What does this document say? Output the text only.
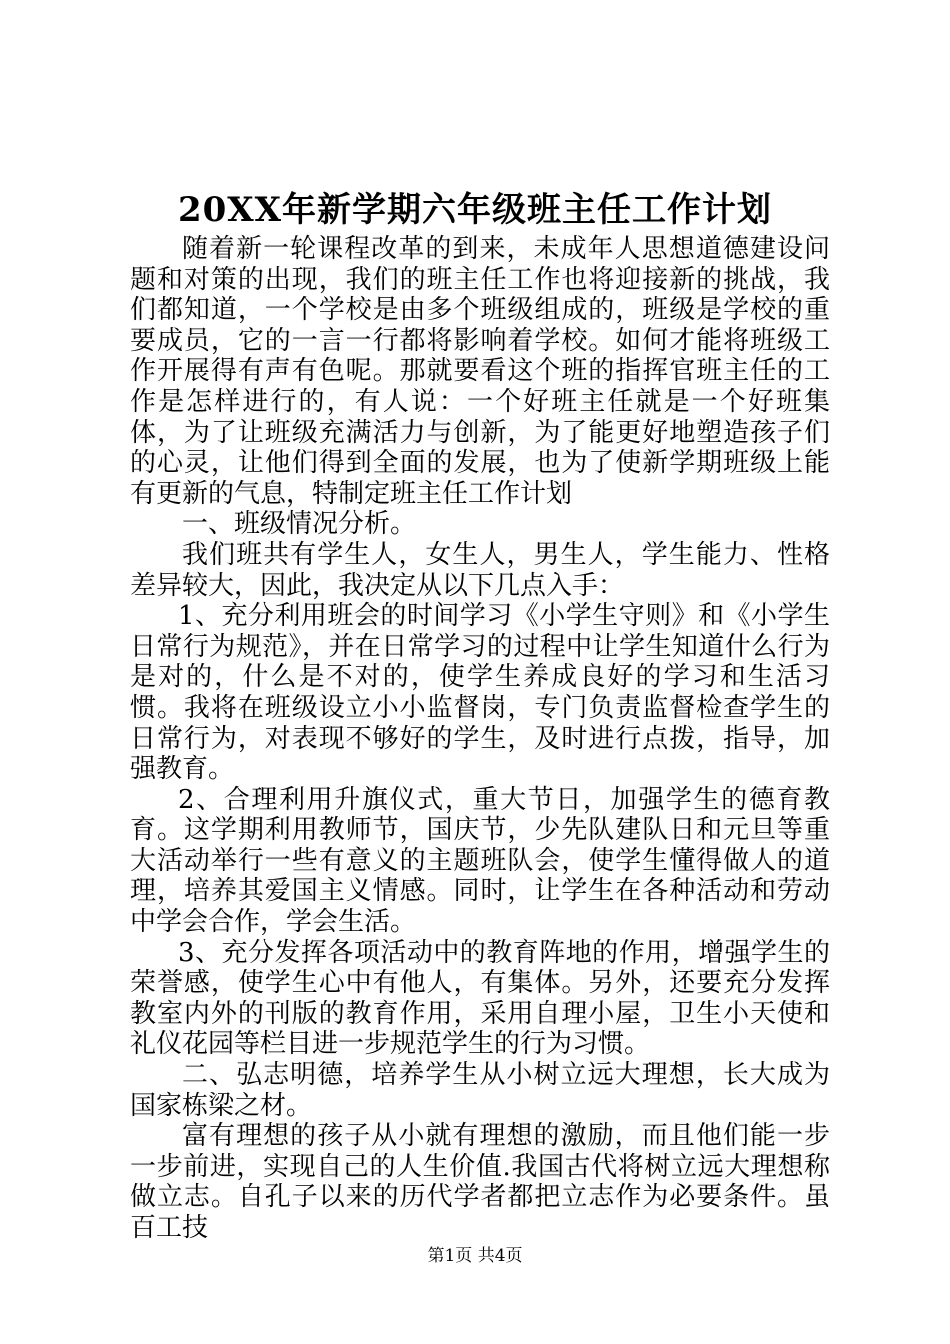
20XX年新学期六年级班主任工作计划

随着新一轮课程改革的到来，未成年人思想道德建设问题和对策的出现，我们的班主任工作也将迎接新的挑战，我们都知道，一个学校是由多个班级组成的，班级是学校的重要成员，它的一言一行都将影响着学校。如何才能将班级工作开展得有声有色呢。那就要看这个班的指挥官班主任的工作是怎样进行的，有人说：一个好班主任就是一个好班集体，为了让班级充满活力与创新，为了能更好地塑造孩子们的心灵，让他们得到全面的发展，也为了使新学期班级上能有更新的气息，特制定班主任工作计划

一、班级情况分析。

我们班共有学生人，女生人，男生人，学生能力、性格差异较大，因此，我决定从以下几点入手：

1、充分利用班会的时间学习《小学生守则》和《小学生日常行为规范》，并在日常学习的过程中让学生知道什么行为是对的，什么是不对的，使学生养成良好的学习和生活习惯。我将在班级设立小小监督岗，专门负责监督检查学生的日常行为，对表现不够好的学生，及时进行点拨，指导，加强教育。

2、合理利用升旗仪式，重大节日，加强学生的德育教育。这学期利用教师节，国庆节，少先队建队日和元旦等重大活动举行一些有意义的主题班队会，使学生懂得做人的道理，培养其爱国主义情感。同时，让学生在各种活动和劳动中学会合作，学会生活。

3、充分发挥各项活动中的教育阵地的作用，增强学生的荣誉感，使学生心中有他人，有集体。另外，还要充分发挥教室内外的刊版的教育作用，采用自理小屋，卫生小天使和礼仪花园等栏目进一步规范学生的行为习惯。

二、弘志明德，培养学生从小树立远大理想，长大成为国家栋梁之材。

富有理想的孩子从小就有理想的激励，而且他们能一步一步前进，实现自己的人生价值.我国古代将树立远大理想称做立志。自孔子以来的历代学者都把立志作为必要条件。虽百工技

第1页 共4页
